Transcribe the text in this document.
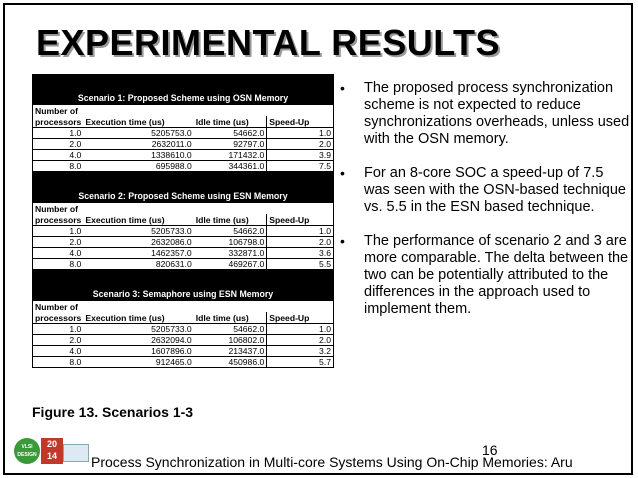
EXPERIMENTAL RESULTS
Scenario 1: Proposed Scheme using OSN Memory			
Number of			
processors	Execution time (us)	Idle time (us)	Speed-Up
1.0	5205753.0	54662.0	1.0
2.0	2632011.0	92797.0	2.0
4.0	1338610.0	171432.0	3.9
8.0	695988.0	344361.0	7.5
Scenario 2: Proposed Scheme using ESN Memory			
Number of			
processors	Execution time (us)	Idle time (us)	Speed-Up
1.0	5205733.0	54662.0	1.0
2.0	2632086.0	106798.0	2.0
4.0	1462357.0	332871.0	3.6
8.0	820631.0	469267.0	5.5
Scenario 3: Semaphore using ESN Memory			
Number of			
processors	Execution time (us)	Idle time (us)	Speed-Up
1.0	5205733.0	54662.0	1.0
2.0	2632094.0	106802.0	2.0
4.0	1607896.0	213437.0	3.2
8.0	912465.0	450986.0	5.7
Figure 13. Scenarios 1-3
• The proposed process synchronization scheme is not expected to reduce synchronizations overheads, unless used with the OSN memory.
• For an 8-core SOC a speed-up of 7.5 was seen with the OSN-based technique vs. 5.5 in the ESN based technique.
• The performance of scenario 2 and 3 are more comparable. The delta between the two can be potentially attributed to the differences in the approach used to implement them.
VLSI DESIGN
20 14	Process Synchronization in Multi-core Systems Using On-Chip Memories: Aru
16
